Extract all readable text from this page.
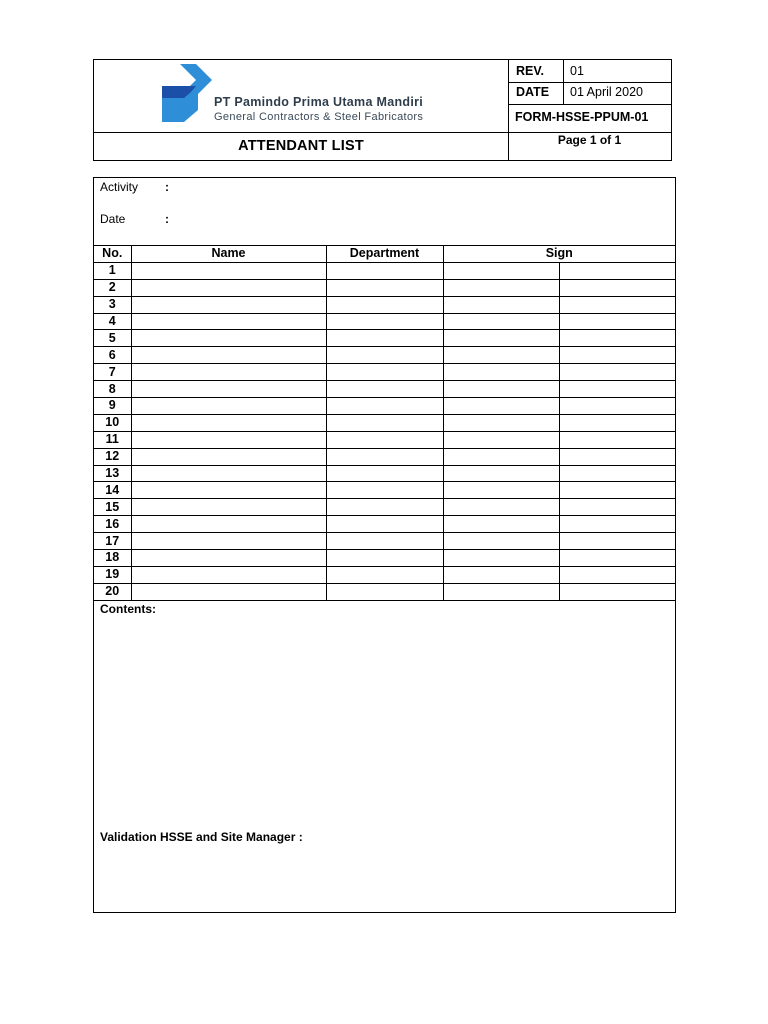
PT Pamindo Prima Utama Mandiri
General Contractors & Steel Fabricators
ATTENDANT LIST
REV. 01
DATE 01 April 2020
FORM-HSSE-PPUM-01
Page 1 of 1
Activity :
Date	:
No.	Name	Department	Sign	
1				
2				
3				
4				
5				
6				
7				
8				
9				
10				
11				
12				
13				
14				
15				
16				
17				
18				
19				
20				
Contents:
Validation HSSE and Site Manager :
